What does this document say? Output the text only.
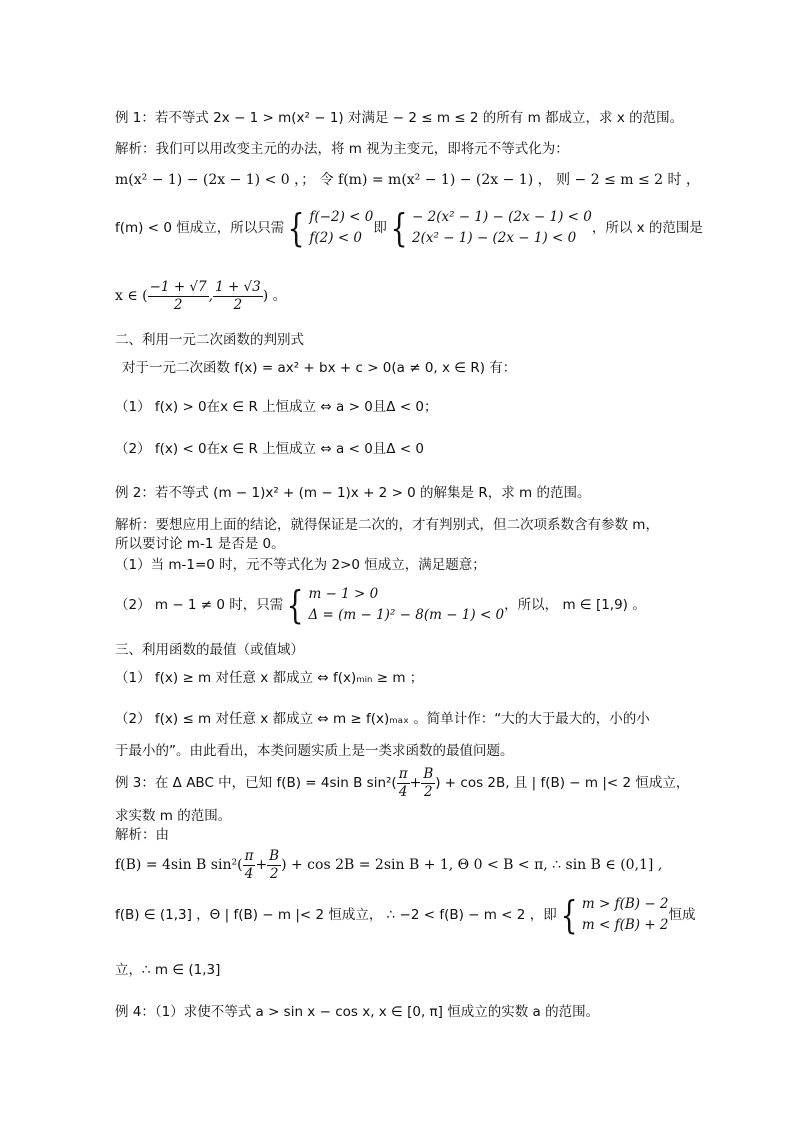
例 1：若不等式 2x − 1 > m(x² − 1) 对满足 − 2 ≤ m ≤ 2 的所有 m 都成立，求 x 的范围。
解析：我们可以用改变主元的办法，将 m 视为主变元，即将元不等式化为：
m(x² − 1) − (2x − 1) < 0 ，； 令 f(m) = m(x² − 1) − (2x − 1) ， 则 − 2 ≤ m ≤ 2 时 ，
f(m) < 0 恒成立，所以只需 { f(−2) < 0
f(2) < 0
即 { − 2(x² − 1) − (2x − 1) < 0
2(x² − 1) − (2x − 1) < 0
，所以 x 的范围是
x ∈ ( $\frac{-1 + √7}{2}$ , $\frac{1 + √3}{2}$ ) 。
二、利用一元二次函数的判别式
对于一元二次函数 f(x) = ax² + bx + c > 0(a ≠ 0, x ∈ R) 有：
（1） f(x) > 0在x ∈ R 上恒成立 ⇔ a > 0且Δ < 0；
（2） f(x) < 0在x ∈ R 上恒成立 ⇔ a < 0且Δ < 0
例 2：若不等式 (m − 1)x² + (m − 1)x + 2 > 0 的解集是 R，求 m 的范围。
解析：要想应用上面的结论，就得保证是二次的，才有判别式，但二次项系数含有参数 m，
所以要讨论 m-1 是否是 0。
（1）当 m-1=0 时，元不等式化为 2>0 恒成立，满足题意；
（2） m − 1 ≠ 0 时，只需 { m − 1 > 0
Δ = (m − 1)² − 8(m − 1) < 0
，所以， m ∈ [1,9) 。
三、利用函数的最值（或值域）
（1） f(x) ≥ m 对任意 x 都成立 ⇔ f(x)ₘᵢₙ ≥ m ；
（2） f(x) ≤ m 对任意 x 都成立 ⇔ m ≥ f(x)ₘₐₓ 。简单计作：“大的大于最大的，小的小
于最小的”。由此看出，本类问题实质上是一类求函数的最值问题。
例 3：在 Δ ABC 中，已知 f(B) = 4sin B $\sin^2( \frac{\pi}{4} + \frac{B}{2}$ ) + cos 2B, 且 | f(B) − m |< 2 恒成立，
求实数 m 的范围。
解析：由
f(B) = 4sin B $\sin^2( \frac{\pi}{4} + \frac{B}{2}$ ) + cos 2B = 2sin B + 1, Θ 0 < B < π, ∴ sin B ∈ (0,1] ,
f(B) ∈ (1,3] ，Θ | f(B) − m |< 2 恒成立， ∴ −2 < f(B) − m < 2 ，即 { m > f(B) − 2
m < f(B) + 2
恒成
立，∴ m ∈ (1,3]
例 4：（1）求使不等式 a > sin x − cos x, x ∈ [0, π] 恒成立的实数 a 的范围。
